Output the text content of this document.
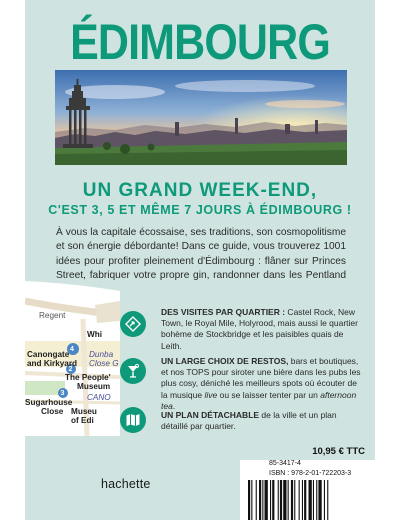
ÉDIMBOURG
UN GRAND WEEK-END,
C'EST 3, 5 ET MÊME 7 JOURS À ÉDIMBOURG !
À vous la capitale écossaise, ses traditions, son cosmopolitisme et son énergie débordante! Dans ce guide, vous trouverez 1001 idées pour profiter pleinement d'Édimbourg : flâner sur Princes Street, fabriquer votre propre gin, randonner dans les Pentland
Regent
Whi
Canongate
and Kirkyard
Dunba
Close G
The People'
Museum
CANO
Sugarhouse
Close Museu
of Edi
4
2
3
DES VISITES PAR QUARTIER : Castel Rock, New Town, le Royal Mile, Holyrood, mais aussi le quartier bohème de Stockbridge et les paisibles quais de Leith.
UN LARGE CHOIX DE RESTOS, bars et boutiques, et nos TOPS pour siroter une bière dans les pubs les plus cosy, déniché les meilleurs spots où écouter de la musique live ou se laisser tenter par un afternoon tea.
UN PLAN DÉTACHABLE de la ville et un plan détaillé par quartier.
10,95 € TTC
85-3417-4
ISBN : 978-2-01-722203-3
hachette
